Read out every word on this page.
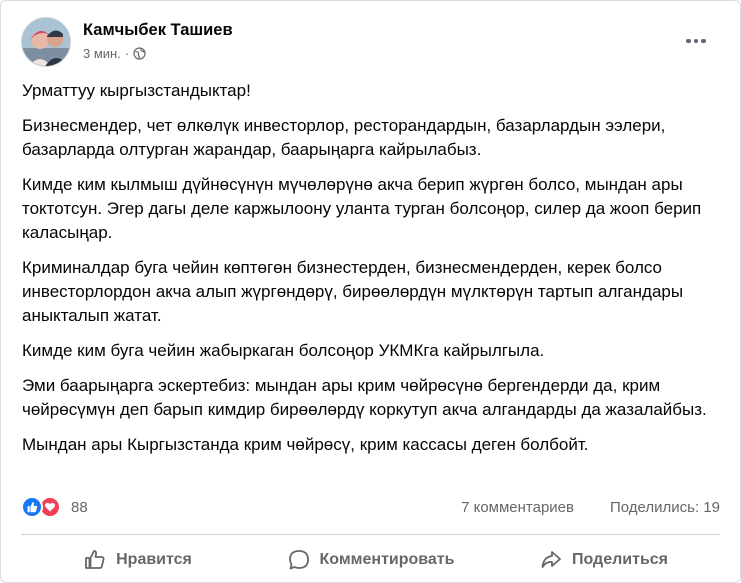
Камчыбек Ташиев
3 мин. ·

Урматтуу кыргызстандыктар!

Бизнесмендер, чет өлкөлүк инвесторлор, ресторандардын, базарлардын ээлери, базарларда олтурган жарандар, баарыңарга кайрылабыз.

Кимде ким кылмыш дүйнөсүнүн мүчөлөрүнө акча берип жүргөн болсо, мындан ары токтотсун. Эгер дагы деле каржылоону уланта турган болсоңор, силер да жооп берип каласыңар.

Криминалдар буга чейин көптөгөн бизнестерден, бизнесмендерден, керек болсо инвесторлордон акча алып жүргөндөрү, бирөөлөрдүн мүлктөрүн тартып алгандары аныкталып жатат.

Кимде ким буга чейин жабыркаган болсоңор УКМКга кайрылгыла.

Эми баарыңарга эскертебиз: мындан ары крим чөйрөсүнө бергендерди да, крим чөйрөсүмүн деп барып кимдир бирөөлөрдү коркутуп акча алгандарды да жазалайбыз.

Мындан ары Кыргызстанда крим чөйрөсү, крим кассасы деген болбойт.

88	7 комментариев Поделились: 19
Нравится	Комментировать	Поделиться
